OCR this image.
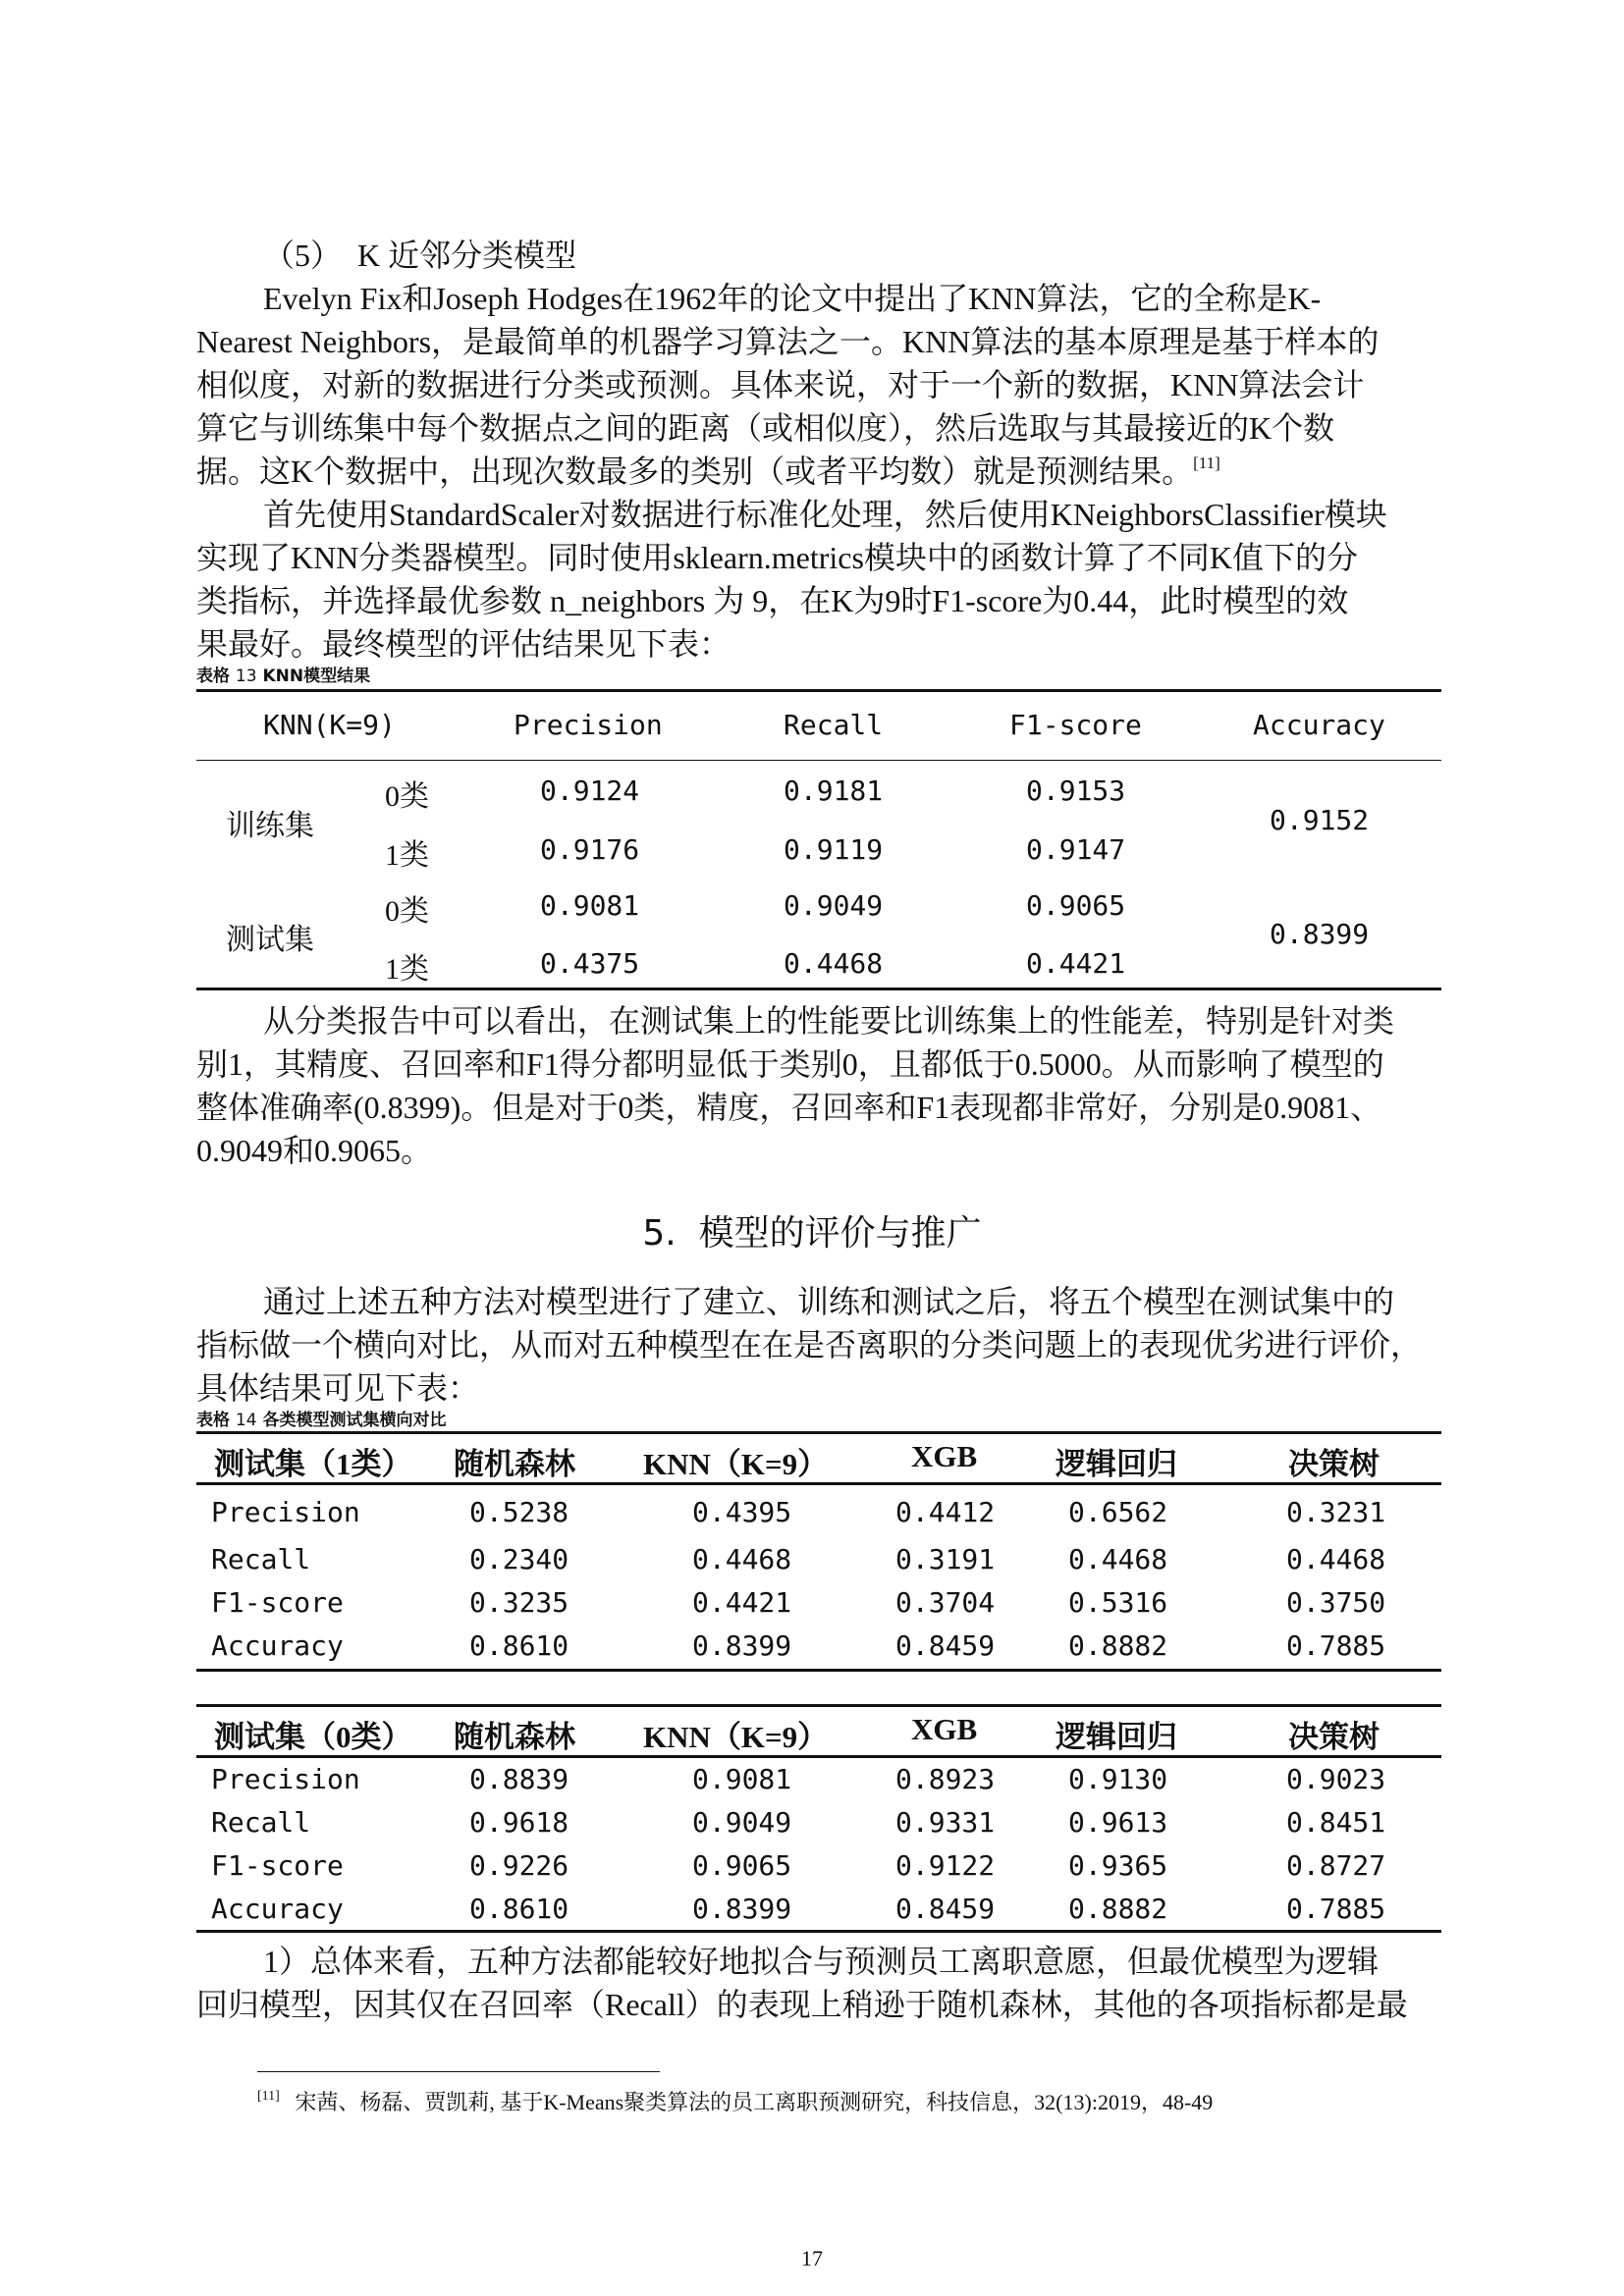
（5）　K 近邻分类模型
Evelyn Fix和Joseph Hodges在1962年的论文中提出了KNN算法，它的全称是K-
Nearest Neighbors，是最简单的机器学习算法之一。KNN算法的基本原理是基于样本的
相似度，对新的数据进行分类或预测。具体来说，对于一个新的数据，KNN算法会计
算它与训练集中每个数据点之间的距离（或相似度），然后选取与其最接近的K个数
据。这K个数据中，出现次数最多的类别（或者平均数）就是预测结果。[11]
首先使用StandardScaler对数据进行标准化处理，然后使用KNeighborsClassifier模块
实现了KNN分类器模型。同时使用sklearn.metrics模块中的函数计算了不同K值下的分
类指标，并选择最优参数 n_neighbors 为 9，在K为9时F1-score为0.44，此时模型的效
果最好。最终模型的评估结果见下表：
表格 13 KNN模型结果
KNN(K=9)	Precision	Recall	F1-score	Accuracy
训练集
0类	0.9124	0.9181	0.9153
1类	0.9176	0.9119	0.9147
0.9152
测试集
0类	0.9081	0.9049	0.9065
1类	0.4375	0.4468	0.4421
0.8399
从分类报告中可以看出，在测试集上的性能要比训练集上的性能差，特别是针对类
别1，其精度、召回率和F1得分都明显低于类别0，且都低于0.5000。从而影响了模型的
整体准确率(0.8399)。但是对于0类，精度，召回率和F1表现都非常好，分别是0.9081、
0.9049和0.9065。
5.  模型的评价与推广
通过上述五种方法对模型进行了建立、训练和测试之后，将五个模型在测试集中的
指标做一个横向对比，从而对五种模型在在是否离职的分类问题上的表现优劣进行评价，
具体结果可见下表：
表格 14 各类模型测试集横向对比
测试集（1类） 随机森林 KNN（K=9）	XGB	逻辑回归	决策树
Precision	0.5238	0.4395	0.4412	0.6562	0.3231
Recall	0.2340	0.4468	0.3191	0.4468	0.4468
F1-score	0.3235	0.4421	0.3704	0.5316	0.3750
Accuracy	0.8610	0.8399	0.8459	0.8882	0.7885
测试集（0类） 随机森林 KNN（K=9）	XGB	逻辑回归	决策树
Precision	0.8839	0.9081	0.8923	0.9130	0.9023
Recall	0.9618	0.9049	0.9331	0.9613	0.8451
F1-score	0.9226	0.9065	0.9122	0.9365	0.8727
Accuracy	0.8610	0.8399	0.8459	0.8882	0.7885
1）总体来看，五种方法都能较好地拟合与预测员工离职意愿，但最优模型为逻辑
回归模型，因其仅在召回率（Recall）的表现上稍逊于随机森林，其他的各项指标都是最
[11] 宋茜、杨磊、贾凯莉, 基于K-Means聚类算法的员工离职预测研究，科技信息，32(13):2019，48-49
17
